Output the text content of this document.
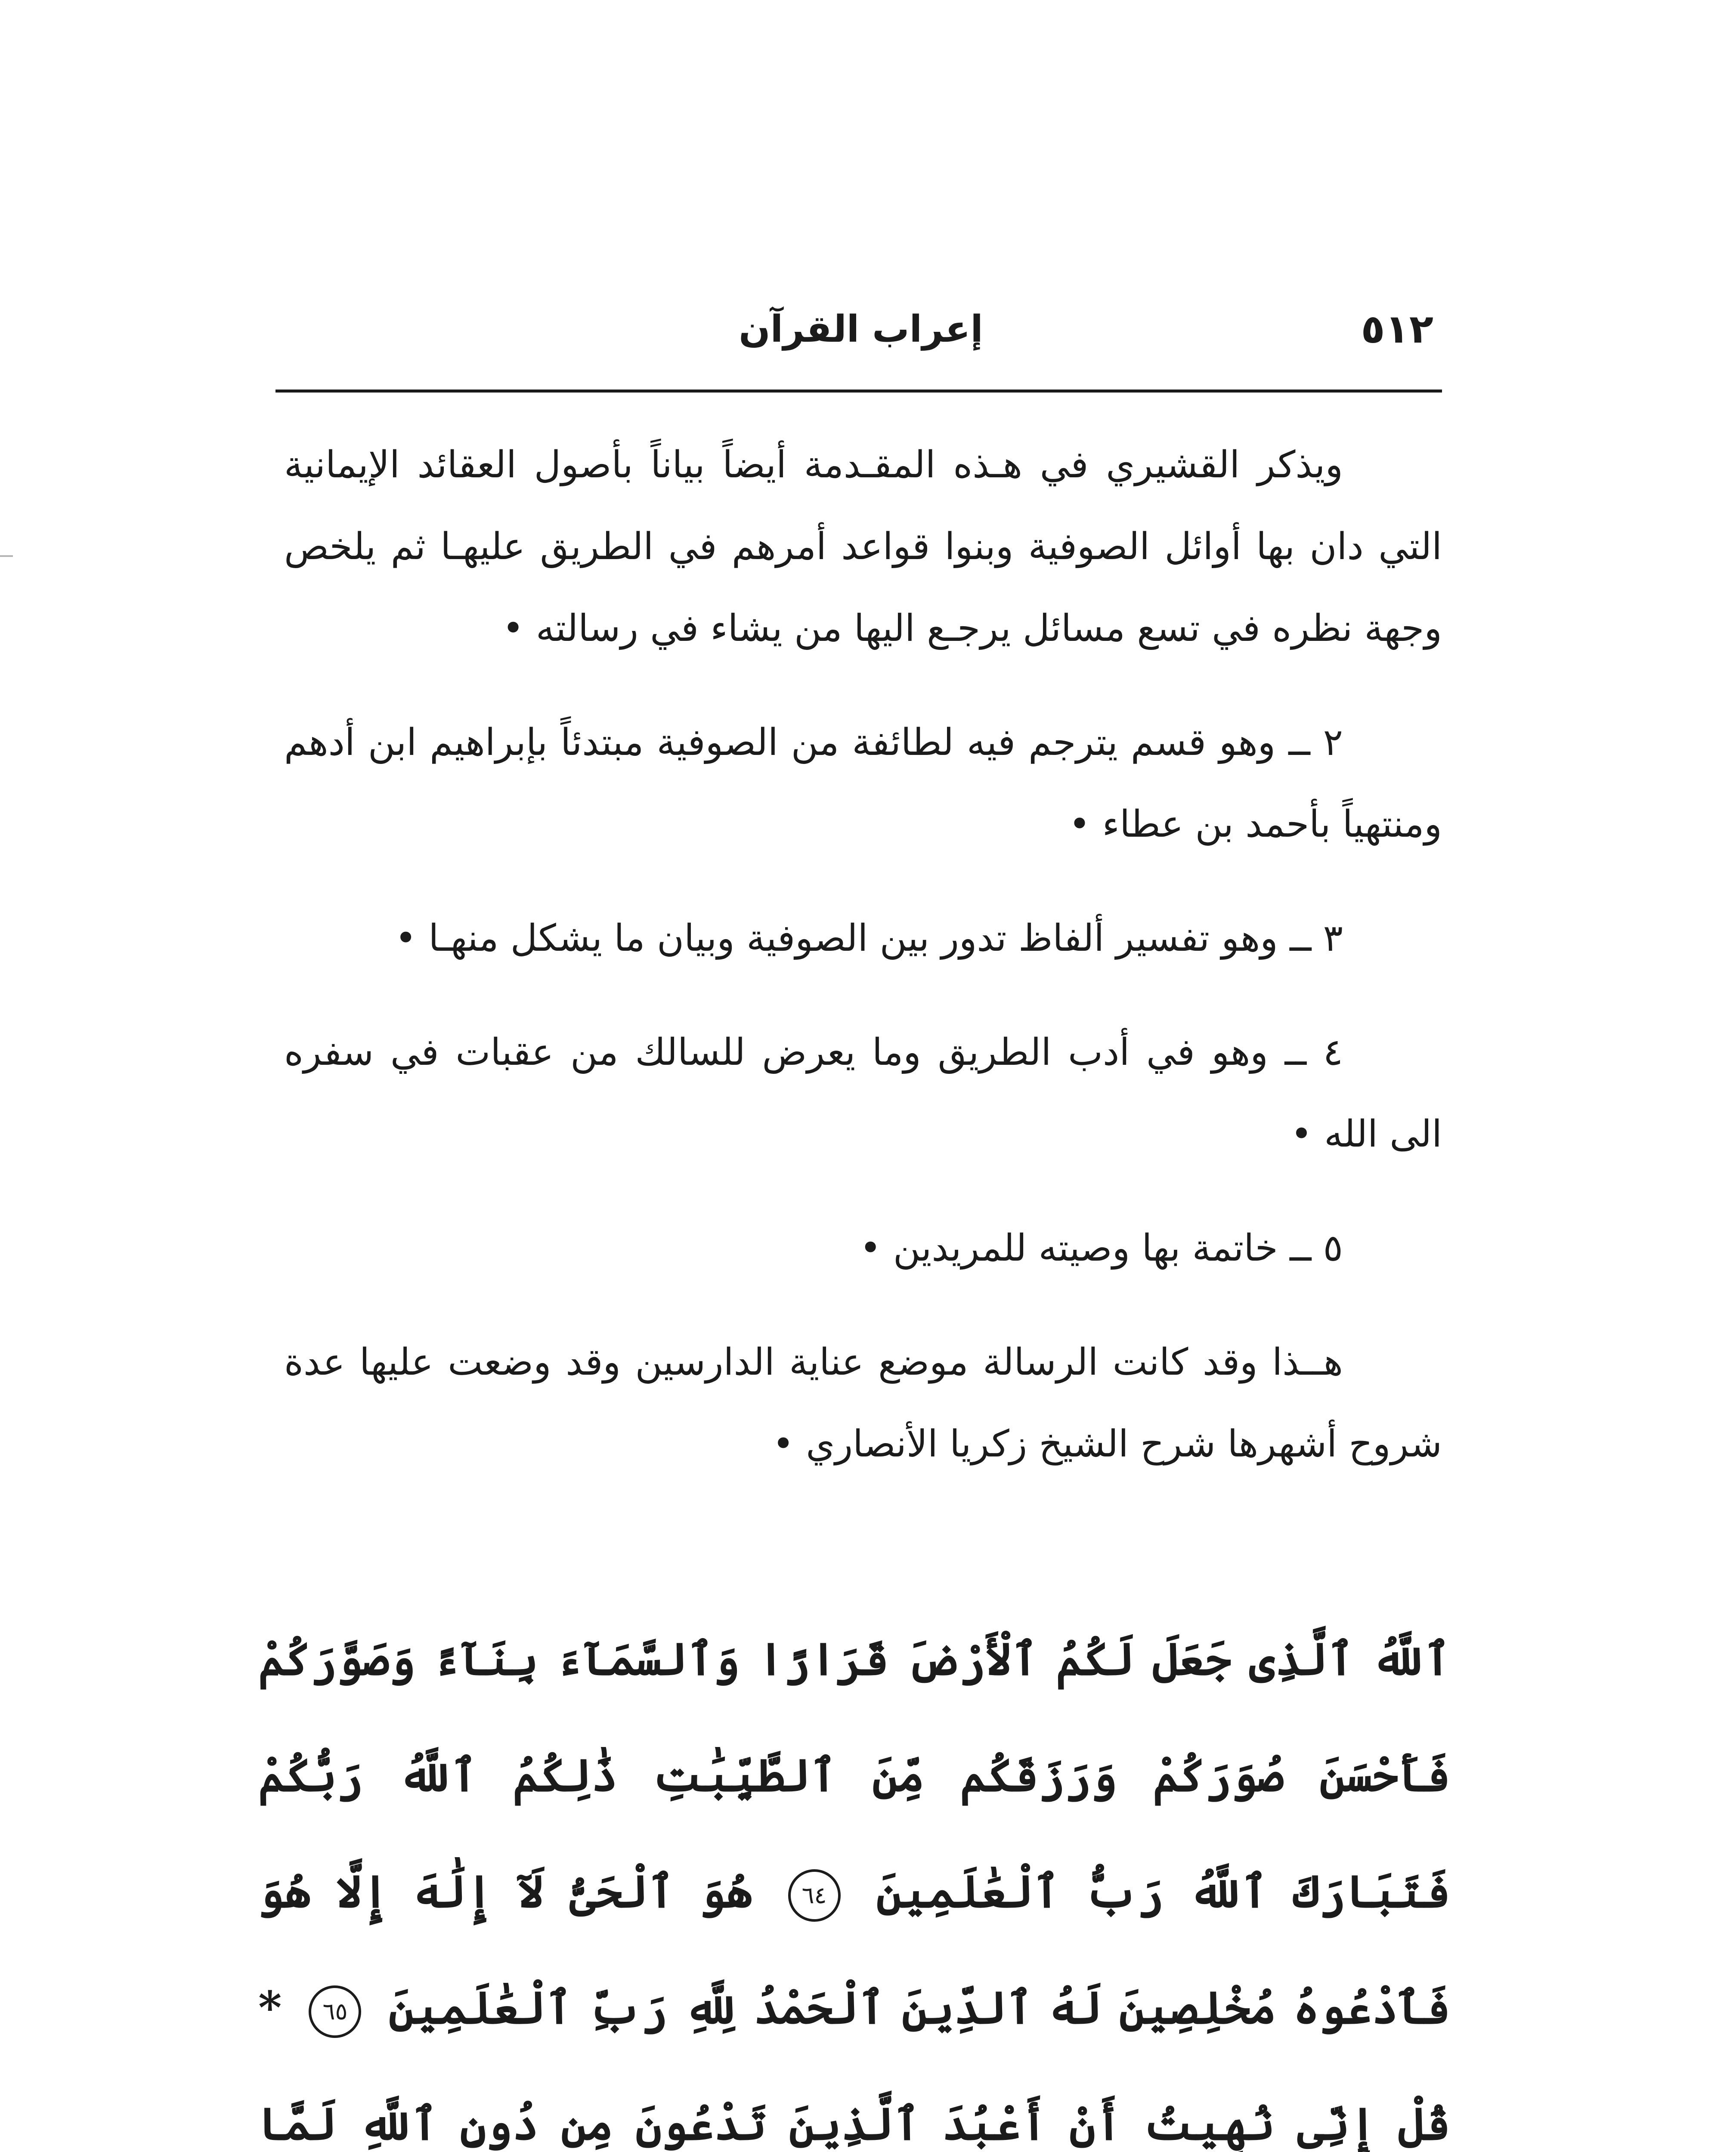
٥١٢
إعراب القرآن

ويذكر القشيري في هـذه المقـدمة أيضاً بياناً بأصول العقائد الإيمانية التي دان بها أوائل الصوفية وبنوا قواعد أمرهم في الطريق عليهـا ثم يلخص وجهة نظره في تسع مسائل يرجـع اليها من يشاء في رسالته •

٢ ــ وهو قسم يترجم فيه لطائفة من الصوفية مبتدئاً بإبراهيم ابن أدهم ومنتهياً بأحمد بن عطاء •

٣ ــ وهو تفسير ألفاظ تدور بين الصوفية وبيان ما يشكل منهـا •

٤ ــ وهو في أدب الطريق وما يعرض للسالك من عقبات في سفره الى الله •

٥ ــ خاتمة بها وصيته للمريدين •

هــذا وقد كانت الرسالة موضع عناية الدارسين وقد وضعت عليها عدة شروح أشهرها شرح الشيخ زكريا الأنصاري •

ٱللَّهُ ٱلَّذِى جَعَلَ لَكُمُ ٱلْأَرْضَ قَرَارًا وَٱلسَّمَآءَ بِنَآءً وَصَوَّرَكُمْ فَأَحْسَنَ صُوَرَكُمْ وَرَزَقَكُم مِّنَ ٱلطَّيِّبَٰتِ ذَٰلِكُمُ ٱللَّهُ رَبُّكُمْ فَتَبَارَكَ ٱللَّهُ رَبُّ ٱلْعَٰلَمِينَ ٦٤ هُوَ ٱلْحَىُّ لَآ إِلَٰهَ إِلَّا هُوَ فَٱدْعُوهُ مُخْلِصِينَ لَهُ ٱلدِّينَ ٱلْحَمْدُ لِلَّهِ رَبِّ ٱلْعَٰلَمِينَ ٦٥ * قُلْ إِنِّى نُهِيتُ أَنْ أَعْبُدَ ٱلَّذِينَ تَدْعُونَ مِن دُونِ ٱللَّهِ لَمَّا
